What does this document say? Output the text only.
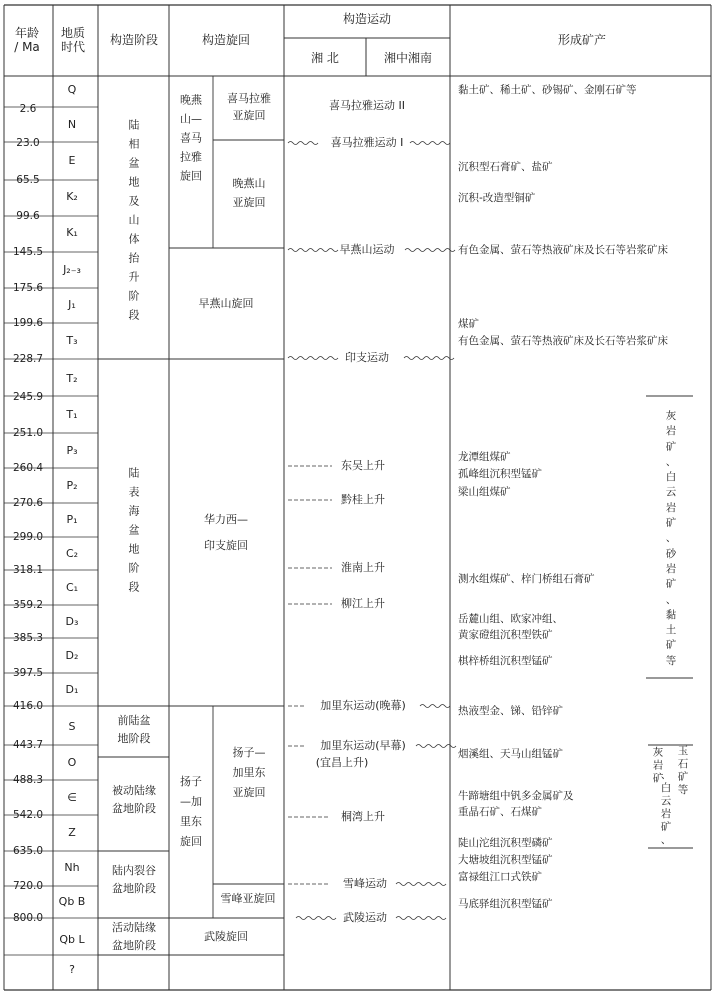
年龄
/ Ma
地质
时代 构造阶段	构造旋回
构造运动
湘 北	湘中湘南
形成矿产
2.6
23.0
65.5
99.6
145.5
175.6
199.6
228.7
245.9
251.0
260.4
270.6
299.0
318.1
359.2
385.3
397.5
416.0
443.7
488.3
542.0
635.0
720.0
800.0
Q
N
E
K₂
K₁
J₂₋₃
J₁
T₃
T₂
T₁
P₃
P₂
P₁
C₂
C₁
D₃
D₂
D₁
S
O
∈
Z
Nh
Qb B
Qb L
?
陆
相
盆
地
及
山
体
抬
升
阶
段
陆
表
海
盆
地
阶
段
前陆盆
地阶段
被动陆缘
盆地阶段
陆内裂谷
盆地阶段
活动陆缘
盆地阶段
晚燕
山—
喜马
拉雅
旋回
喜马拉雅
亚旋回
晚燕山
亚旋回
早燕山旋回
华力西—
印支旋回
扬子
—加
里东
旋回
扬子—
加里东
亚旋回
雪峰亚旋回
武陵旋回
喜马拉雅运动 II
喜马拉雅运动 I
早燕山运动
印支运动
东吴上升
黔桂上升
淮南上升
柳江上升
加里东运动(晚幕)
加里东运动(早幕)
(宜昌上升)
桐湾上升
雪峰运动
武陵运动
黏土矿、稀土矿、砂锡矿、金刚石矿等
沉积型石膏矿、盐矿
沉积-改造型铜矿
有色金属、萤石等热液矿床及长石等岩浆矿床
煤矿
有色金属、萤石等热液矿床及长石等岩浆矿床
龙潭组煤矿
孤峰组沉积型锰矿
梁山组煤矿
测水组煤矿、梓门桥组石膏矿
岳麓山组、欧家冲组、
黄家磴组沉积型铁矿
棋梓桥组沉积型锰矿
热液型金、锑、铅锌矿
烟溪组、天马山组锰矿
牛蹄塘组中钒多金属矿及
重晶石矿、石煤矿
陡山沱组沉积型磷矿
大塘坡组沉积型锰矿
富禄组江口式铁矿
马底驿组沉积型锰矿
灰
岩
矿
、
白
云
岩
矿
、
砂
岩
矿
、
黏
土
矿
等
灰
岩
矿
、
白
云
岩
矿
、
玉
石
矿
等
